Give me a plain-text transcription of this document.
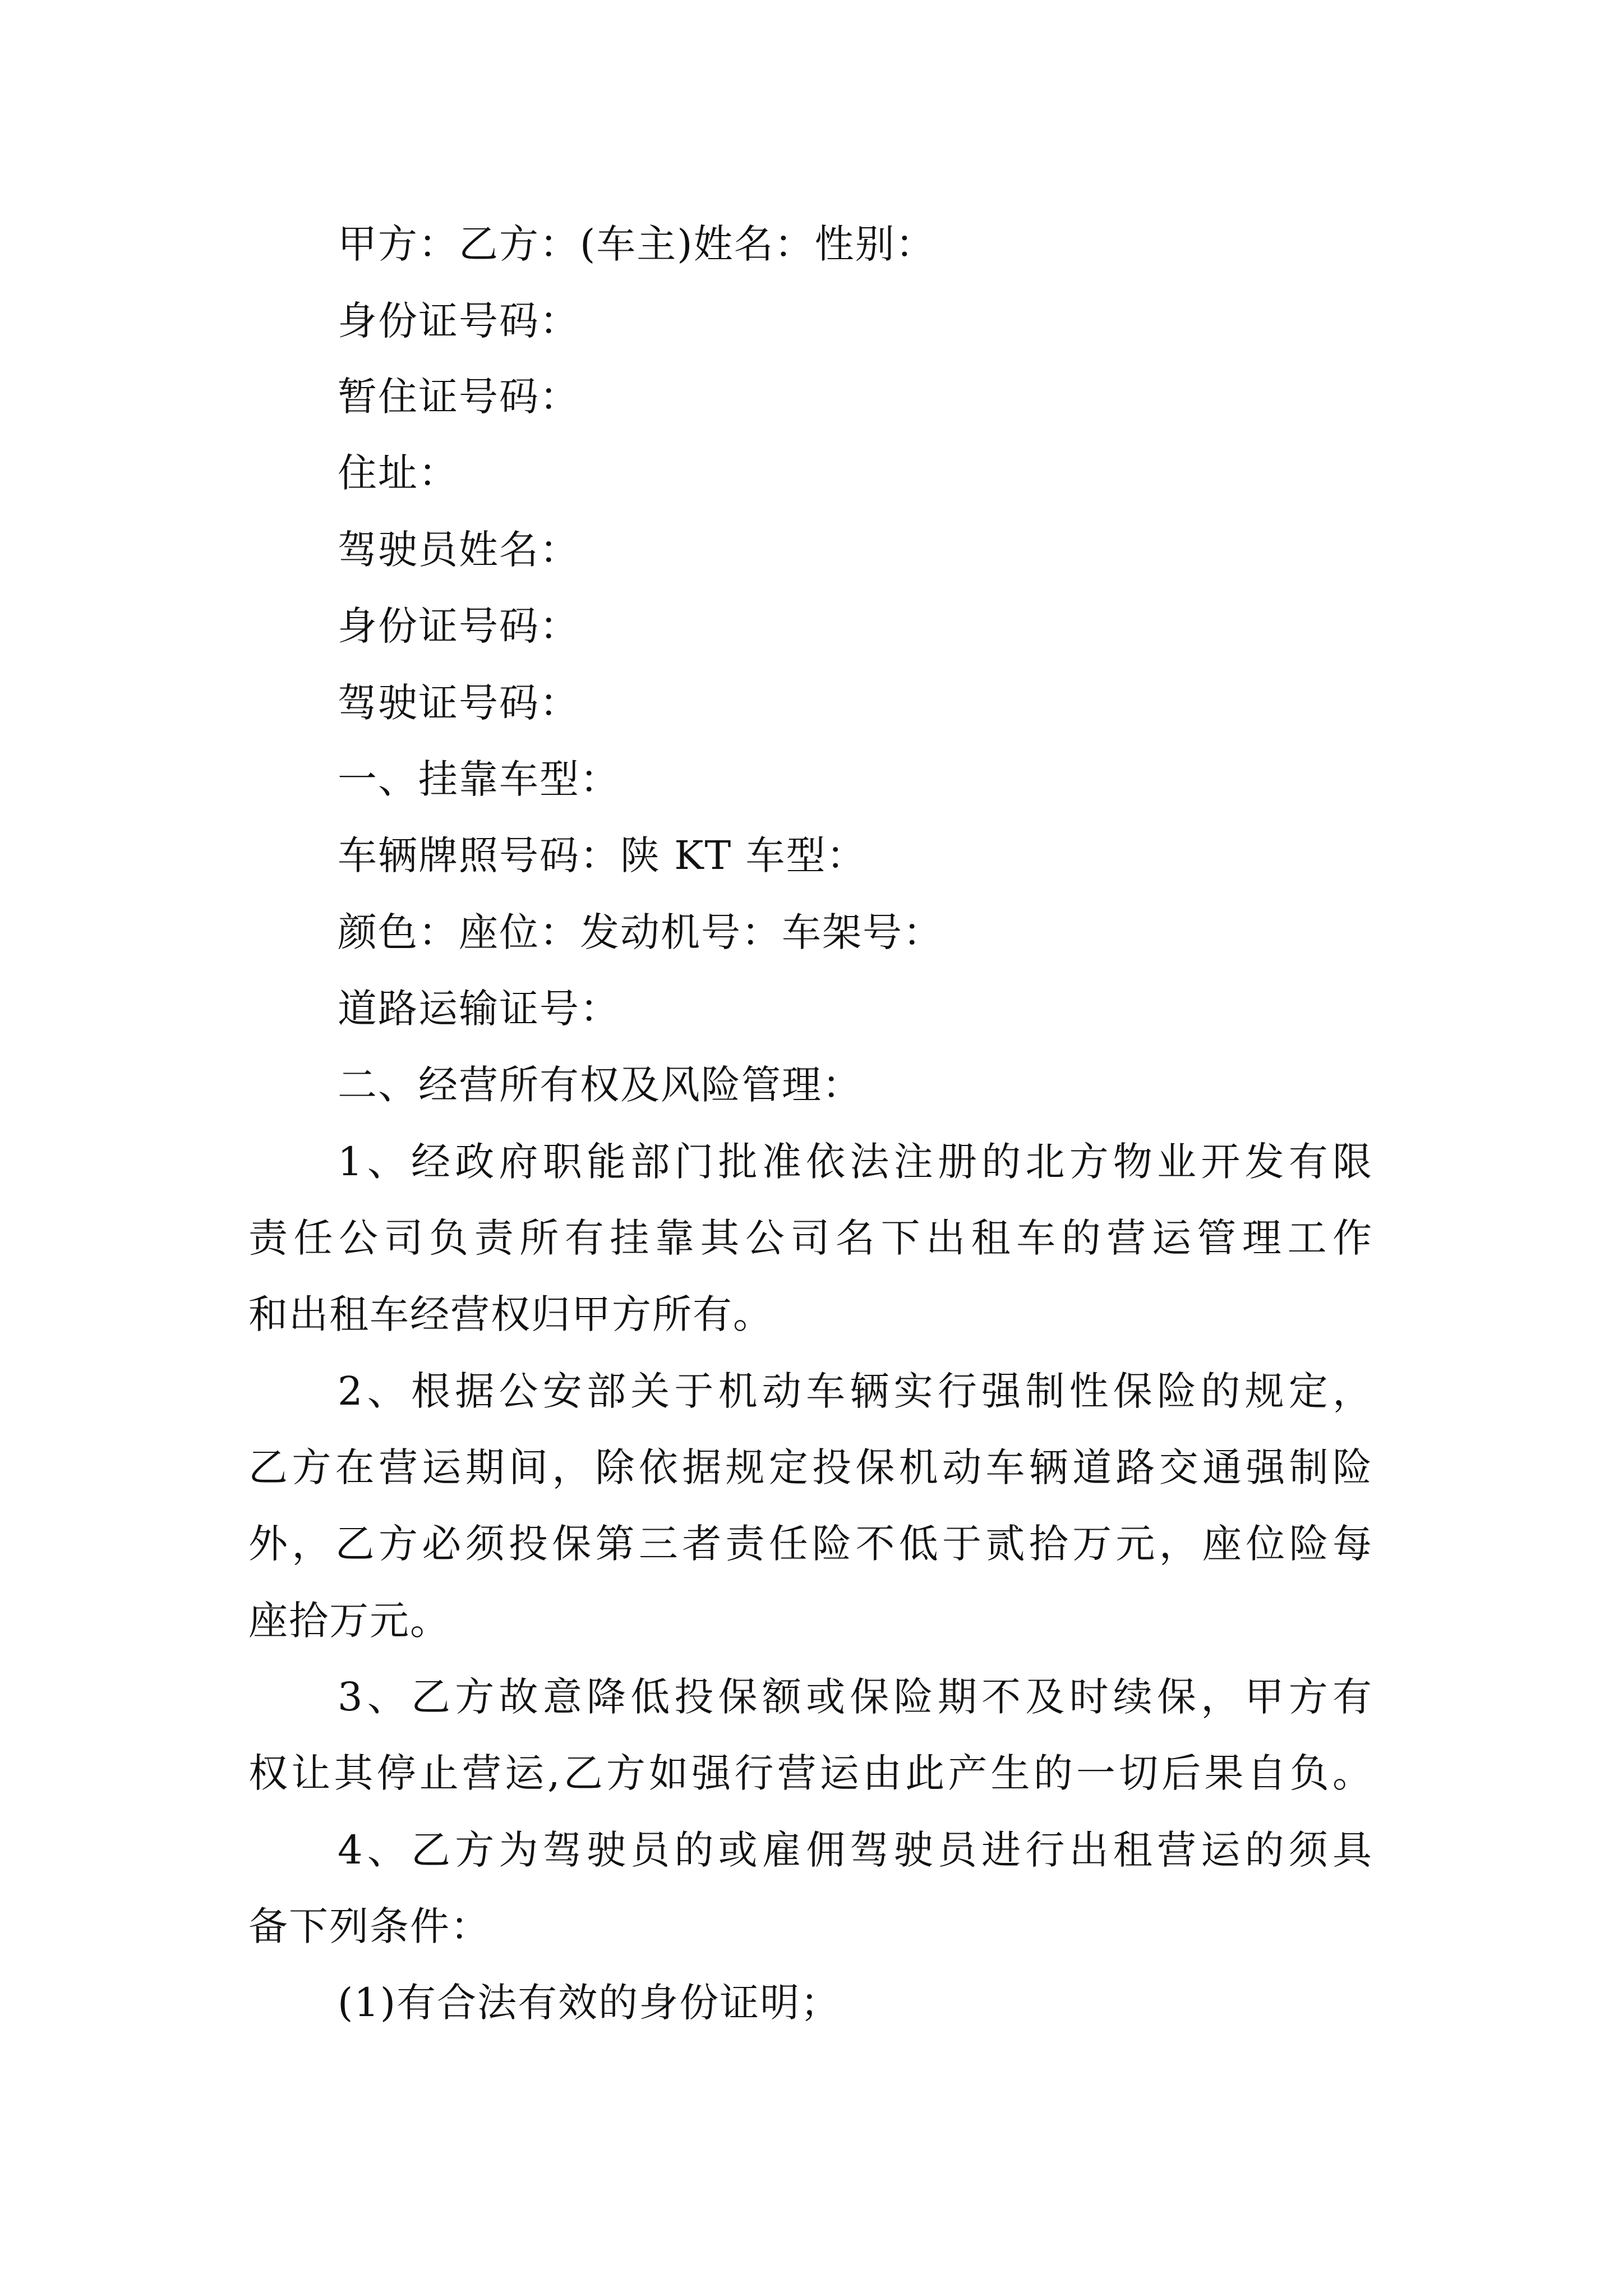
甲方：乙方：(车主)姓名：性别：
身份证号码：
暂住证号码：
住址：
驾驶员姓名：
身份证号码：
驾驶证号码：
一、挂靠车型：
车辆牌照号码：陕 KT 车型：
颜色：座位：发动机号：车架号：
道路运输证号：
二、经营所有权及风险管理：
1、经政府职能部门批准依法注册的北方物业开发有限
责任公司负责所有挂靠其公司名下出租车的营运管理工作
和出租车经营权归甲方所有。
2、根据公安部关于机动车辆实行强制性保险的规定，
乙方在营运期间，除依据规定投保机动车辆道路交通强制险
外，乙方必须投保第三者责任险不低于贰拾万元，座位险每
座拾万元。
3、乙方故意降低投保额或保险期不及时续保，甲方有
权让其停止营运,乙方如强行营运由此产生的一切后果自负。
4、乙方为驾驶员的或雇佣驾驶员进行出租营运的须具
备下列条件：
(1)有合法有效的身份证明；
